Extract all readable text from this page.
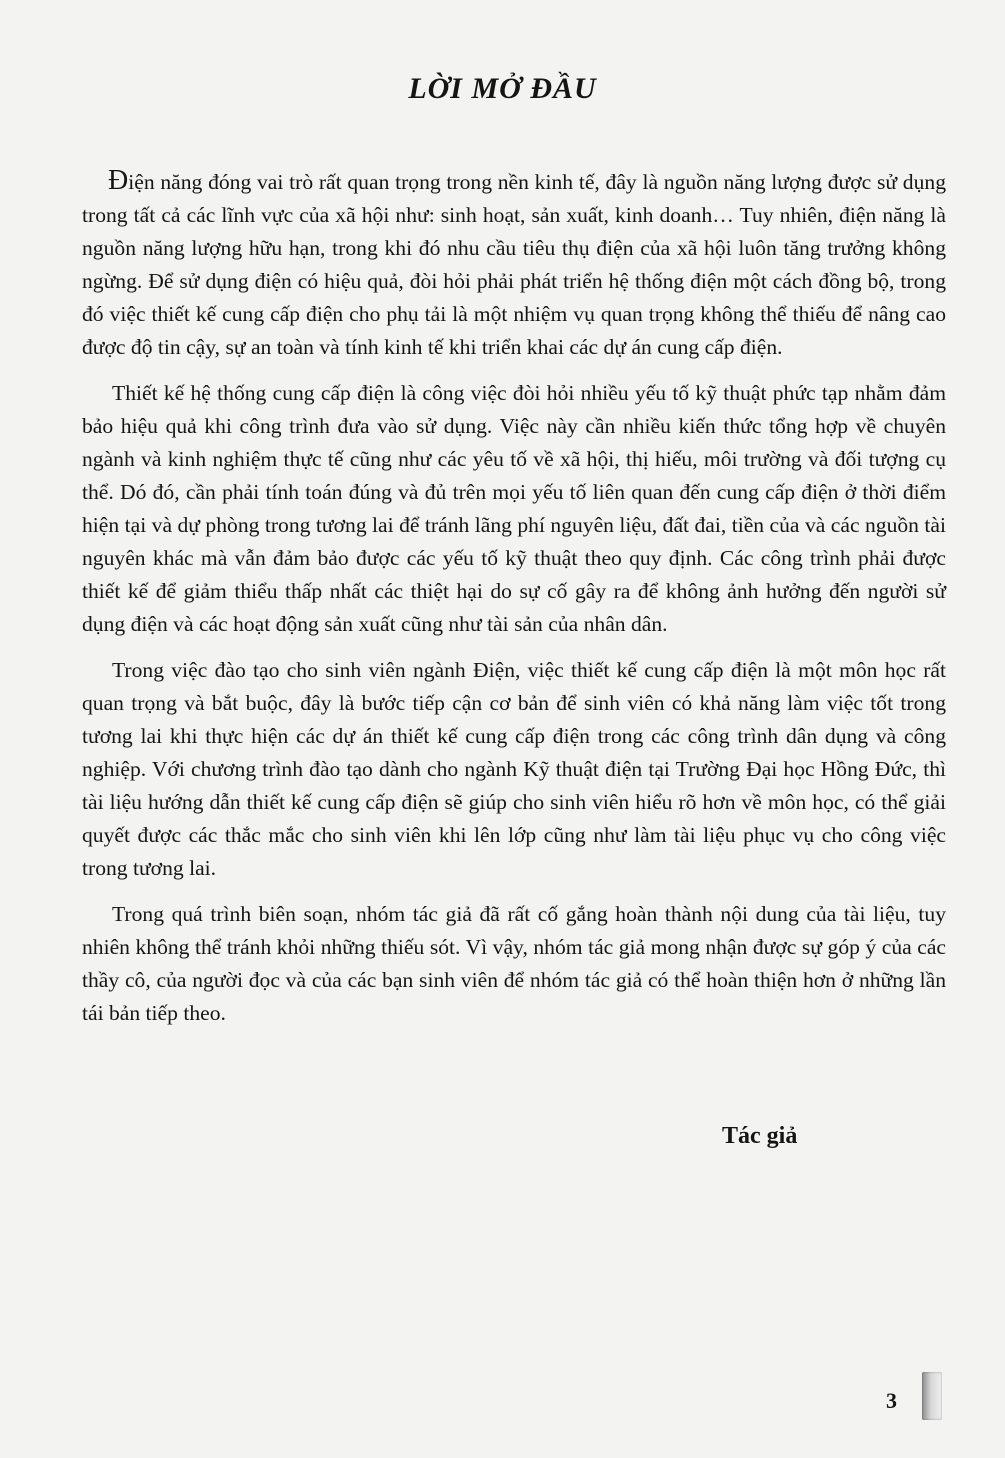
LỜI MỞ ĐẦU

Điện năng đóng vai trò rất quan trọng trong nền kinh tế, đây là nguồn năng lượng được sử dụng trong tất cả các lĩnh vực của xã hội như: sinh hoạt, sản xuất, kinh doanh… Tuy nhiên, điện năng là nguồn năng lượng hữu hạn, trong khi đó nhu cầu tiêu thụ điện của xã hội luôn tăng trưởng không ngừng. Để sử dụng điện có hiệu quả, đòi hỏi phải phát triển hệ thống điện một cách đồng bộ, trong đó việc thiết kế cung cấp điện cho phụ tải là một nhiệm vụ quan trọng không thể thiếu để nâng cao được độ tin cậy, sự an toàn và tính kinh tế khi triển khai các dự án cung cấp điện.

Thiết kế hệ thống cung cấp điện là công việc đòi hỏi nhiều yếu tố kỹ thuật phức tạp nhằm đảm bảo hiệu quả khi công trình đưa vào sử dụng. Việc này cần nhiều kiến thức tổng hợp về chuyên ngành và kinh nghiệm thực tế cũng như các yêu tố về xã hội, thị hiếu, môi trường và đối tượng cụ thể. Dó đó, cần phải tính toán đúng và đủ trên mọi yếu tố liên quan đến cung cấp điện ở thời điểm hiện tại và dự phòng trong tương lai để tránh lãng phí nguyên liệu, đất đai, tiền của và các nguồn tài nguyên khác mà vẫn đảm bảo được các yếu tố kỹ thuật theo quy định. Các công trình phải được thiết kế để giảm thiểu thấp nhất các thiệt hại do sự cố gây ra để không ảnh hưởng đến người sử dụng điện và các hoạt động sản xuất cũng như tài sản của nhân dân.

Trong việc đào tạo cho sinh viên ngành Điện, việc thiết kế cung cấp điện là một môn học rất quan trọng và bắt buộc, đây là bước tiếp cận cơ bản để sinh viên có khả năng làm việc tốt trong tương lai khi thực hiện các dự án thiết kế cung cấp điện trong các công trình dân dụng và công nghiệp. Với chương trình đào tạo dành cho ngành Kỹ thuật điện tại Trường Đại học Hồng Đức, thì tài liệu hướng dẫn thiết kế cung cấp điện sẽ giúp cho sinh viên hiểu rõ hơn về môn học, có thể giải quyết được các thắc mắc cho sinh viên khi lên lớp cũng như làm tài liệu phục vụ cho công việc trong tương lai.

Trong quá trình biên soạn, nhóm tác giả đã rất cố gắng hoàn thành nội dung của tài liệu, tuy nhiên không thể tránh khỏi những thiếu sót. Vì vậy, nhóm tác giả mong nhận được sự góp ý của các thầy cô, của người đọc và của các bạn sinh viên để nhóm tác giả có thể hoàn thiện hơn ở những lần tái bản tiếp theo.

Tác giả
3
